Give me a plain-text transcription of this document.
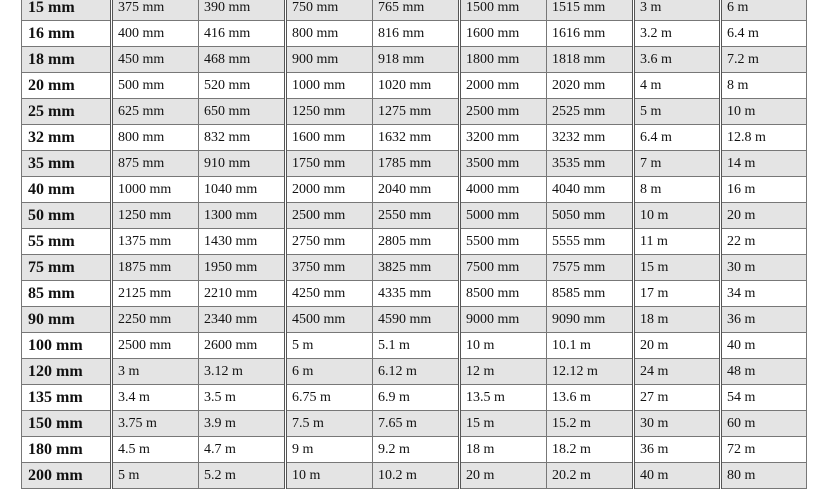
15 mm	375 mm	390 mm	750 mm	765 mm	1500 mm	1515 mm	3 m	6 m
16 mm	400 mm	416 mm	800 mm	816 mm	1600 mm	1616 mm	3.2 m	6.4 m
18 mm	450 mm	468 mm	900 mm	918 mm	1800 mm	1818 mm	3.6 m	7.2 m
20 mm	500 mm	520 mm	1000 mm	1020 mm	2000 mm	2020 mm	4 m	8 m
25 mm	625 mm	650 mm	1250 mm	1275 mm	2500 mm	2525 mm	5 m	10 m
32 mm	800 mm	832 mm	1600 mm	1632 mm	3200 mm	3232 mm	6.4 m	12.8 m
35 mm	875 mm	910 mm	1750 mm	1785 mm	3500 mm	3535 mm	7 m	14 m
40 mm	1000 mm	1040 mm	2000 mm	2040 mm	4000 mm	4040 mm	8 m	16 m
50 mm	1250 mm	1300 mm	2500 mm	2550 mm	5000 mm	5050 mm	10 m	20 m
55 mm	1375 mm	1430 mm	2750 mm	2805 mm	5500 mm	5555 mm	11 m	22 m
75 mm	1875 mm	1950 mm	3750 mm	3825 mm	7500 mm	7575 mm	15 m	30 m
85 mm	2125 mm	2210 mm	4250 mm	4335 mm	8500 mm	8585 mm	17 m	34 m
90 mm	2250 mm	2340 mm	4500 mm	4590 mm	9000 mm	9090 mm	18 m	36 m
100 mm	2500 mm	2600 mm	5 m	5.1 m	10 m	10.1 m	20 m	40 m
120 mm	3 m	3.12 m	6 m	6.12 m	12 m	12.12 m	24 m	48 m
135 mm	3.4 m	3.5 m	6.75 m	6.9 m	13.5 m	13.6 m	27 m	54 m
150 mm	3.75 m	3.9 m	7.5 m	7.65 m	15 m	15.2 m	30 m	60 m
180 mm	4.5 m	4.7 m	9 m	9.2 m	18 m	18.2 m	36 m	72 m
200 mm	5 m	5.2 m	10 m	10.2 m	20 m	20.2 m	40 m	80 m
